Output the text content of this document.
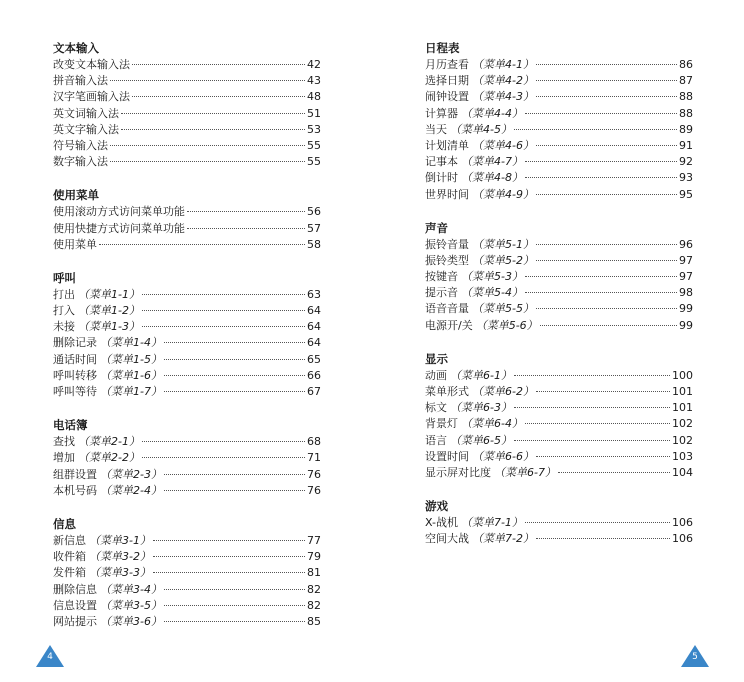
文本输入
改变文本输入法	42
拼音输入法	43
汉字笔画输入法	48
英文词输入法	51
英文字输入法	53
符号输入法	55
数字输入法	55
使用菜单
使用滚动方式访问菜单功能	56
使用快捷方式访问菜单功能	57
使用菜单	58
呼叫
打出 （菜单1-1）	63
打入 （菜单1-2）	64
未接 （菜单1-3）	64
删除记录 （菜单1-4）	64
通话时间 （菜单1-5）	65
呼叫转移 （菜单1-6）	66
呼叫等待 （菜单1-7）	67
电话簿
查找 （菜单2-1）	68
增加 （菜单2-2）	71
组群设置 （菜单2-3）	76
本机号码 （菜单2-4）	76
信息
新信息 （菜单3-1）	77
收件箱 （菜单3-2）	79
发件箱 （菜单3-3）	81
删除信息 （菜单3-4）	82
信息设置 （菜单3-5）	82
网站提示 （菜单3-6）	85
日程表
月历查看 （菜单4-1）	86
选择日期 （菜单4-2）	87
闹钟设置 （菜单4-3）	88
计算器 （菜单4-4）	88
当天 （菜单4-5）	89
计划清单 （菜单4-6）	91
记事本 （菜单4-7）	92
倒计时 （菜单4-8）	93
世界时间 （菜单4-9）	95
声音
振铃音量 （菜单5-1）	96
振铃类型 （菜单5-2）	97
按键音 （菜单5-3）	97
提示音 （菜单5-4）	98
语音音量 （菜单5-5）	99
电源开/关 （菜单5-6）	99
显示
动画 （菜单6-1）	100
菜单形式 （菜单6-2）	101
标文 （菜单6-3）	101
背景灯 （菜单6-4）	102
语言 （菜单6-5）	102
设置时间 （菜单6-6）	103
显示屏对比度 （菜单6-7）	104
游戏
X-战机 （菜单7-1）	106
空间大战 （菜单7-2）	106
4	5
